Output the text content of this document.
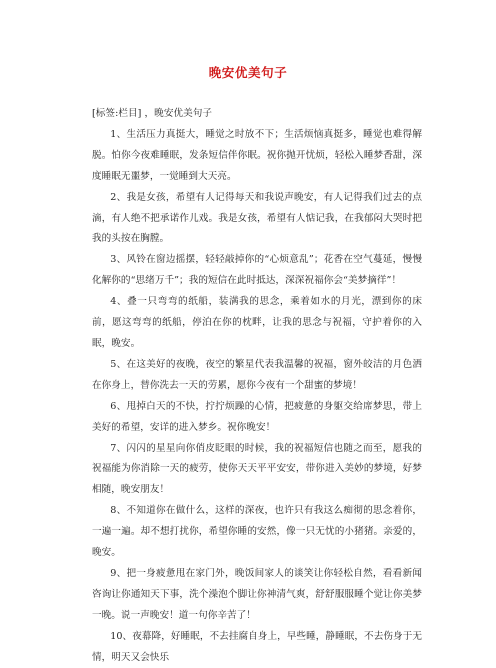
晚安优美句子

[标签:栏目] ，晚安优美句子

1、生活压力真挺大，睡觉之时放不下；生活烦恼真挺多，睡觉也难得解脱。怕你今夜难睡眠，发条短信伴你眠。祝你抛开忧烦，轻松入睡梦香甜，深度睡眠无噩梦，一觉睡到大天亮。

2、我是女孩，希望有人记得每天和我说声晚安，有人记得我们过去的点滴，有人绝不把承诺作儿戏。我是女孩，希望有人惦记我，在我郁闷大哭时把我的头按在胸膛。

3、风铃在窗边摇摆，轻轻敲掉你的“心烦意乱”；花香在空气蔓延，慢慢化解你的“思绪万千”；我的短信在此时抵达，深深祝福你会“美梦摘徉”！

4、叠一只弯弯的纸船，装满我的思念，乘着如水的月光，漂到你的床前，愿这弯弯的纸船，停泊在你的枕畔，让我的思念与祝福，守护着你的入眠，晚安。

5、在这美好的夜晚，夜空的繁星代表我温馨的祝福，窗外皎洁的月色洒在你身上，替你洗去一天的劳累，愿你今夜有一个甜蜜的梦境！

6、甩掉白天的不快，拧拧烦躁的心情，把疲惫的身躯交给席梦思，带上美好的希望，安详的进入梦乡。祝你晚安！

7、闪闪的星星向你俏皮眨眼的时候，我的祝福短信也随之而至，愿我的祝福能为你消除一天的疲劳，使你天天平平安安，带你进入美妙的梦境，好梦相随，晚安朋友！

8、不知道你在做什么，这样的深夜，也许只有我这么痴彻的思念着你，一遍一遍。却不想打扰你，希望你睡的安然，像一只无忧的小猪猪。亲爱的，晚安。

9、把一身疲惫甩在家门外，晚饭间家人的谈笑让你轻松自然，看看新闻咨询让你通知天下事，洗个澡泡个脚让你神清气爽，舒舒服服睡个觉让你美梦一晚。说一声晚安！道一句你辛苦了！

10、夜幕降，好睡眠，不去挂腐自身上，早些睡，静睡眠，不去伤身于无情，明天又会快乐
